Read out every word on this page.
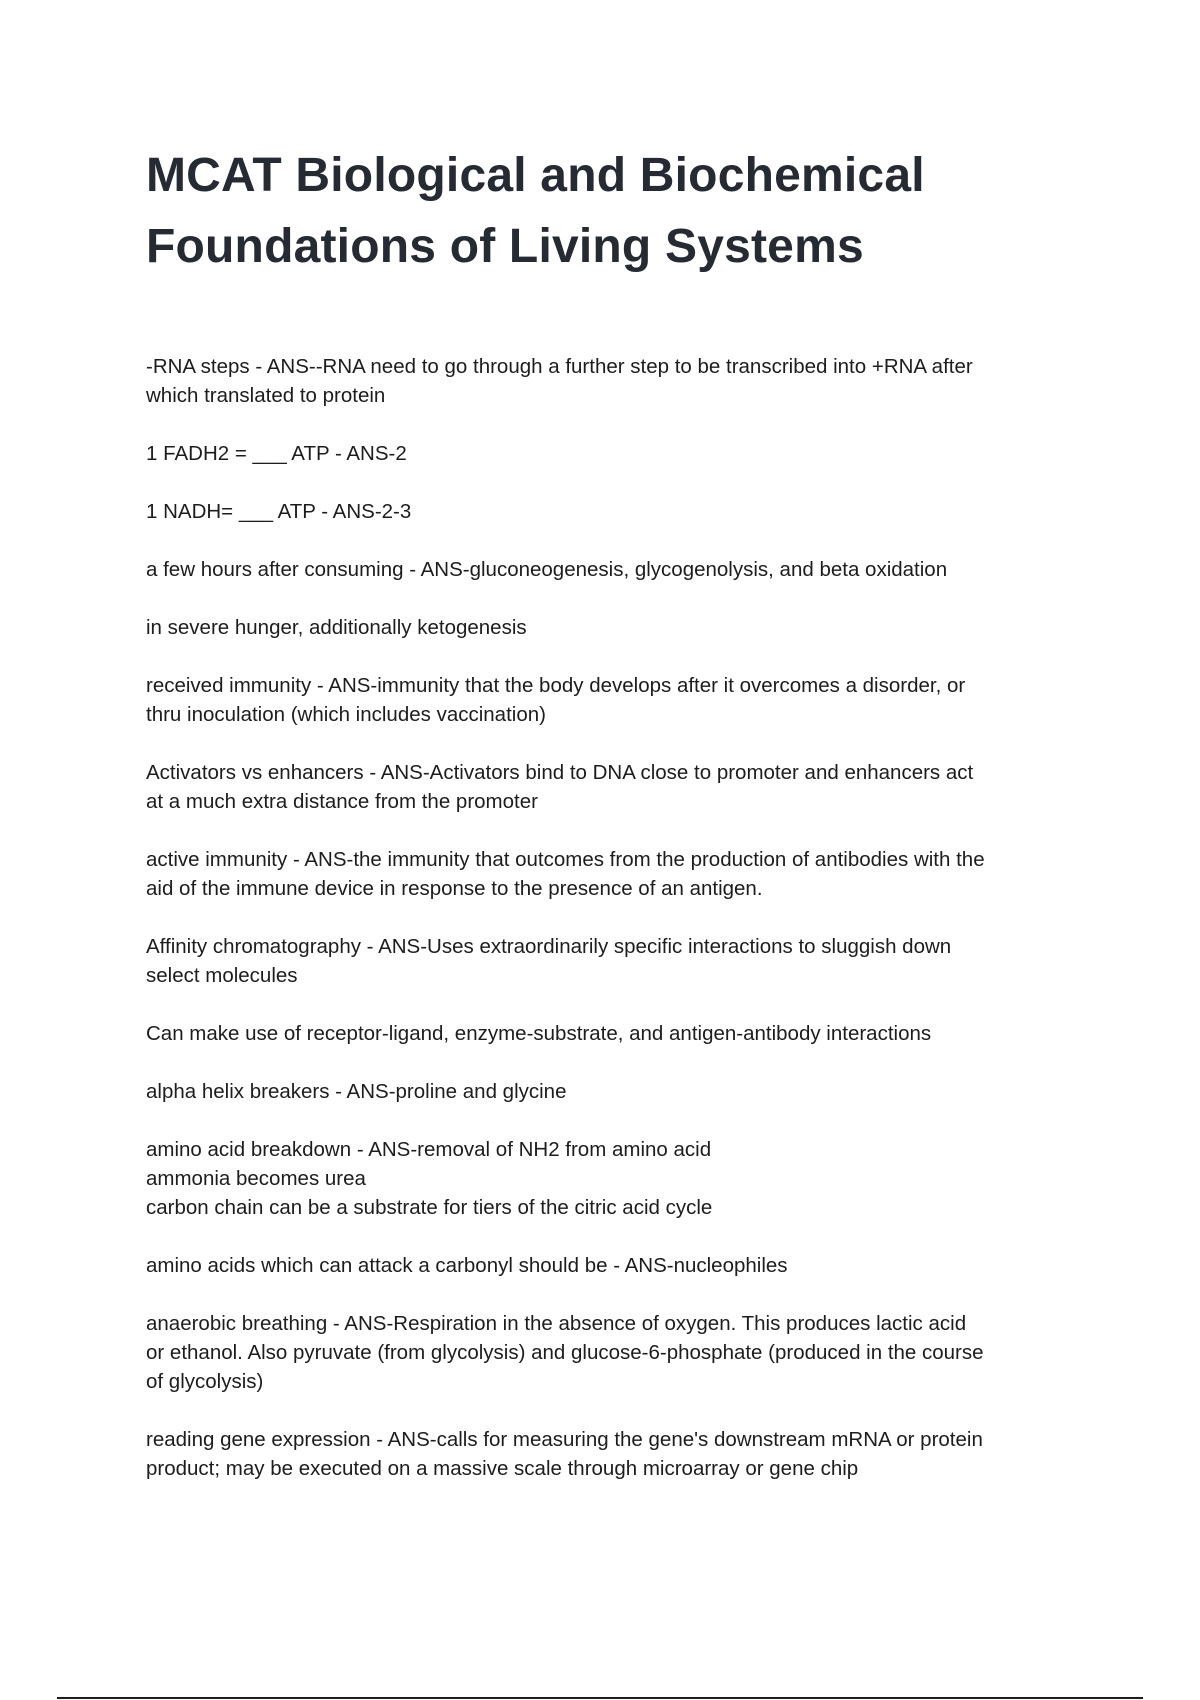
MCAT Biological and Biochemical
Foundations of Living Systems

-RNA steps - ANS--RNA need to go through a further step to be transcribed into +RNA after
which translated to protein

1 FADH2 = ___ ATP - ANS-2

1 NADH= ___ ATP - ANS-2-3

a few hours after consuming - ANS-gluconeogenesis, glycogenolysis, and beta oxidation

in severe hunger, additionally ketogenesis

received immunity - ANS-immunity that the body develops after it overcomes a disorder, or
thru inoculation (which includes vaccination)

Activators vs enhancers - ANS-Activators bind to DNA close to promoter and enhancers act
at a much extra distance from the promoter

active immunity - ANS-the immunity that outcomes from the production of antibodies with the
aid of the immune device in response to the presence of an antigen.

Affinity chromatography - ANS-Uses extraordinarily specific interactions to sluggish down
select molecules

Can make use of receptor-ligand, enzyme-substrate, and antigen-antibody interactions

alpha helix breakers - ANS-proline and glycine

amino acid breakdown - ANS-removal of NH2 from amino acid
ammonia becomes urea
carbon chain can be a substrate for tiers of the citric acid cycle

amino acids which can attack a carbonyl should be - ANS-nucleophiles

anaerobic breathing - ANS-Respiration in the absence of oxygen. This produces lactic acid
or ethanol. Also pyruvate (from glycolysis) and glucose-6-phosphate (produced in the course
of glycolysis)

reading gene expression - ANS-calls for measuring the gene's downstream mRNA or protein
product; may be executed on a massive scale through microarray or gene chip
